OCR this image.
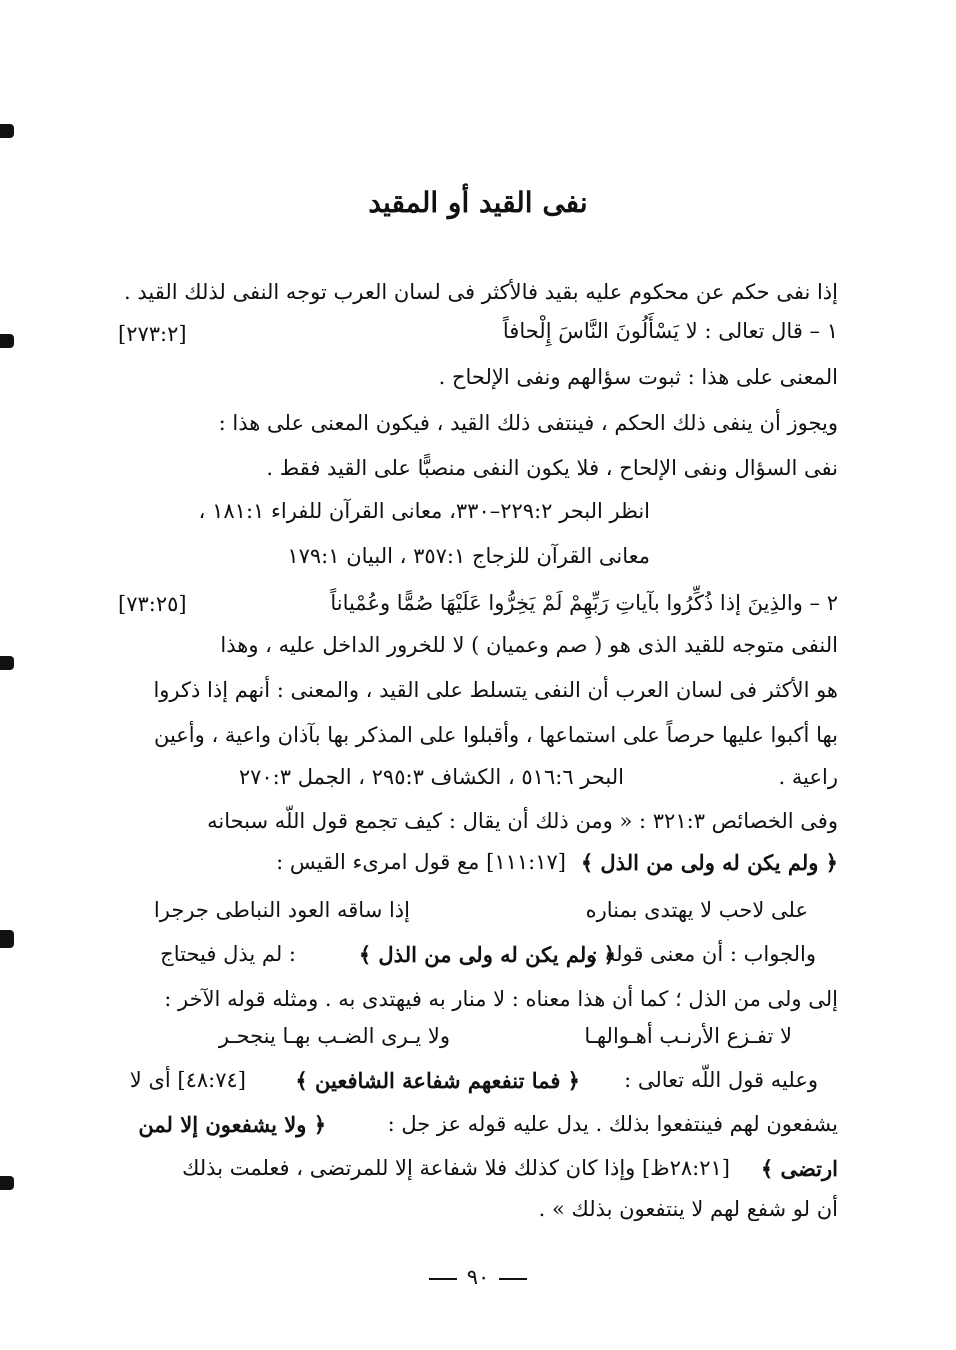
نفى القيد أو المقيد
إذا نفى حكم عن محكوم عليه بقيد فالأكثر فى لسان العرب توجه النفى لذلك القيد .
١ – قال تعالى : لا يَسْأَلُونَ النَّاسَ إِلْحافاً
[٢٧٣:٢]
المعنى على هذا : ثبوت سؤالهم ونفى الإلحاح .
ويجوز أن ينفى ذلك الحكم ، فينتفى ذلك القيد ، فيكون المعنى على هذا :
نفى السؤال ونفى الإلحاح ، فلا يكون النفى منصبًّا على القيد فقط .
انظر البحر ٢٢٩:٢–٣٣٠، معانى القرآن للفراء ١٨١:١ ،
معانى القرآن للزجاج ٣٥٧:١ ، البيان ١٧٩:١
٢ – والذِينَ إذا ذُكِّرُوا بآياتِ رَبِّهِمْ لَمْ يَخِرُّوا عَلَيْهَا صُمًّا وعُمْياناً
[٧٣:٢٥]
النفى متوجه للقيد الذى هو ( صم وعميان ) لا للخرور الداخل عليه ، وهذا
هو الأكثر فى لسان العرب أن النفى يتسلط على القيد ، والمعنى : أنهم إذا ذكروا
بها أكبوا عليها حرصاً على استماعها ، وأقبلوا على المذكر بها بآذان واعية ، وأعين
راعية .
البحر ٥١٦:٦ ، الكشاف ٢٩٥:٣ ، الجمل ٢٧٠:٣
وفى الخصائص ٣٢١:٣ : « ومن ذلك أن يقال : كيف تجمع قول اللّه سبحانه
﴿ ولم يكن له ولى من الذل ﴾
[١١١:١٧] مع قول امرىء القيس :
على لاحب لا يهتدى بمناره
إذا ساقه العود النباطى جرجرا
والجواب : أن معنى قوله :
﴿ ولم يكن له ولى من الذل ﴾
: لم يذل فيحتاج
إلى ولى من الذل ؛ كما أن هذا معناه : لا منار به فيهتدى به . ومثله قوله الآخر :
لا تفـزع الأرنـب أهـوالهـا
ولا يـرى الضـب بهـا ينجحـر
وعليه قول اللّه تعالى :
﴿ فما تنفعهم شفاعة الشافعين ﴾
[٤٨:٧٤] أى لا
يشفعون لهم فينتفعوا بذلك . يدل عليه قوله عز جل :
﴿ ولا يشفعون إلا لمن
ارتضى ﴾
[٢٨:٢١ظ] وإذا كان كذلك فلا شفاعة إلا للمرتضى ، فعلمت بذلك
أن لو شفع لهم لا ينتفعون بذلك » .
٩٠
